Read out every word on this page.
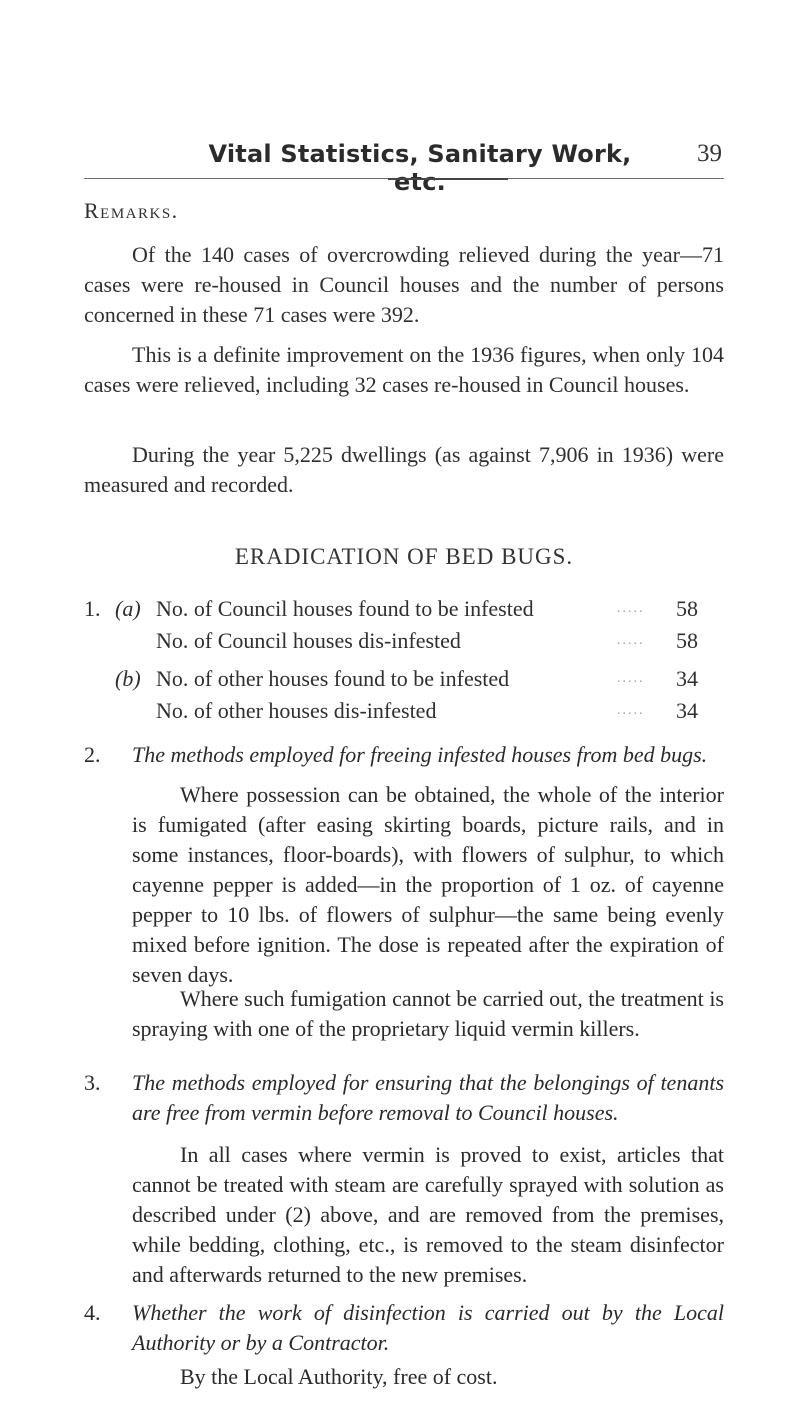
Vital Statistics, Sanitary Work, etc.
39
Remarks.
Of the 140 cases of overcrowding relieved during the year—71 cases were re-housed in Council houses and the number of persons concerned in these 71 cases were 392.
This is a definite improvement on the 1936 figures, when only 104 cases were relieved, including 32 cases re-housed in Council houses.
During the year 5,225 dwellings (as against 7,906 in 1936) were measured and recorded.
ERADICATION OF BED BUGS.
1. (a) No. of Council houses found to be infested	..... 58
No. of Council houses dis-infested	..... 58
(b) No. of other houses found to be infested	..... 34
No. of other houses dis-infested	..... 34
2. The methods employed for freeing infested houses from bed bugs.
Where possession can be obtained, the whole of the interior is fumigated (after easing skirting boards, picture rails, and in some instances, floor-boards), with flowers of sulphur, to which cayenne pepper is added—in the proportion of 1 oz. of cayenne pepper to 10 lbs. of flowers of sulphur—the same being evenly mixed before ignition. The dose is repeated after the expiration of seven days.
Where such fumigation cannot be carried out, the treatment is spraying with one of the proprietary liquid vermin killers.
3. The methods employed for ensuring that the belongings of tenants are free from vermin before removal to Council houses.
In all cases where vermin is proved to exist, articles that cannot be treated with steam are carefully sprayed with solution as described under (2) above, and are removed from the premises, while bedding, clothing, etc., is removed to the steam disinfector and afterwards returned to the new premises.
4. Whether the work of disinfection is carried out by the Local Authority or by a Contractor.
By the Local Authority, free of cost.
